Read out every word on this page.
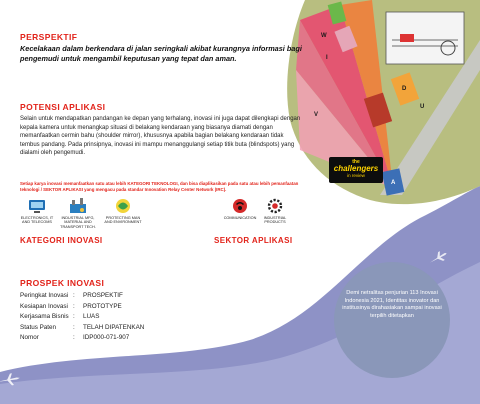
W
I
V
D
U
A
the
challengers
in review
PERSPEKTIF
Kecelakaan dalam berkendara di jalan seringkali akibat kurangnya informasi bagi pengemudi untuk mengambil keputusan yang tepat dan aman.
POTENSI APLIKASI
Selain untuk mendapatkan pandangan ke depan yang terhalang, inovasi ini juga dapat dilengkapi dengan kepala kamera untuk menangkap situasi di belakang kendaraan yang biasanya diamati dengan memanfaatkan cermin bahu (shoulder mirror), khususnya apabila bagian belakang kendaraan tidak tembus pandang. Pada prinsipnya, inovasi ini mampu menanggulangi setiap titik buta (blindspots) yang dialami oleh pengemudi.
Setiap karya inovasi memanfaatkan satu atau lebih KATEGORI TEKNOLOGI, dan bisa diaplikasikan pada satu atau lebih pemanfaatan teknologi / SEKTOR APLIKASI yang mengacu pada standar Innovation Relay Center Network (IRC).
ELECTRONICS, IT AND TELECOMS
INDUSTRIAL MFG, MATERIAL AND TRANSPORT TECH.
PROTECTING MAN AND ENVIRONMENT
KATEGORI INOVASI
COMMUNICATION	INDUSTRIAL PRODUCTS
SEKTOR APLIKASI
PROSPEK INOVASI
Peringkat Inovasi :	PROSPEKTIF
Kesiapan Inovasi :	PROTOTYPE
Kerjasama Bisnis :	LUAS
Status Paten	:	TELAH DIPATENKAN
Nomor	:	IDP000-071-907
Demi netralitas penjurian 113 Inovasi Indonesia 2021, Identitas inovator dan institusinya dirahasiakan sampai inovasi terpilih ditetapkan
